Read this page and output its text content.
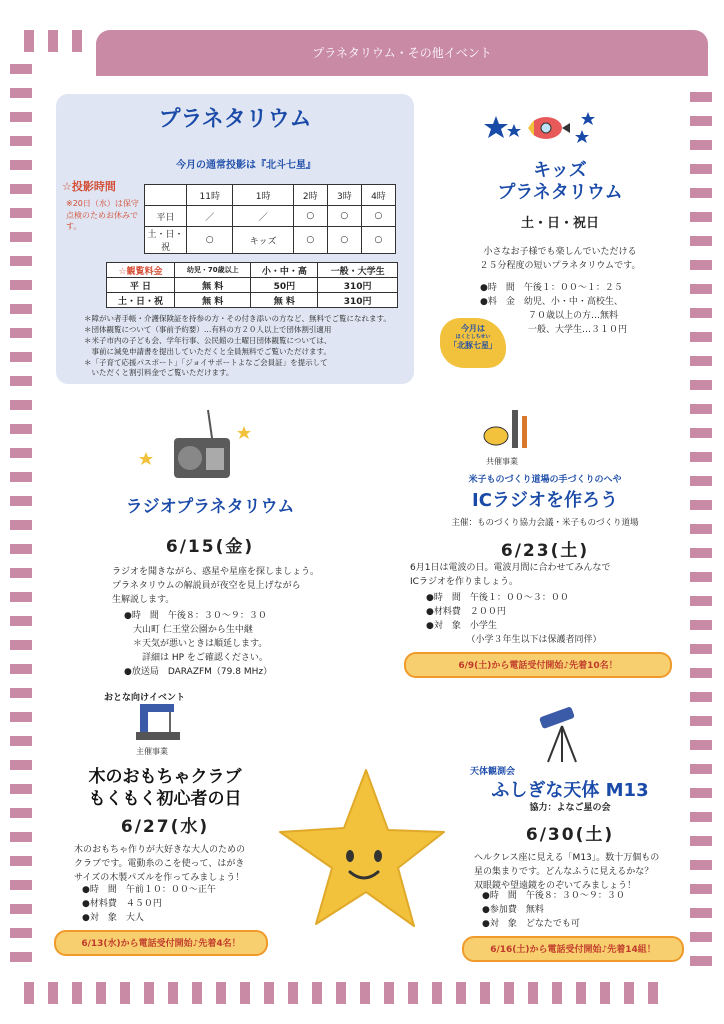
プラネタリウム・その他イベント
プラネタリウム
今月の通常投影は『北斗七星』
☆投影時間
※20日（水）は保守点検のためお休みです。
	11時	1時	2時	3時	4時
平日	／	／	○	○	○
土・日・祝	○	キッズ	○	○	○
☆観覧料金	幼児・70歳以上	小・中・高	一般・大学生
平 日	無 料	50円	310円
土・日・祝	無 料	無 料	310円
＊障がい者手帳・介護保険証を持参の方・その付き添いの方など、無料でご覧になれます。
＊団体観覧について（事前予約要）…有料の方２０人以上で団体割引適用
＊米子市内の子ども会、学年行事、公民館の土曜日団体観覧については、
　事前に減免申請書を提出していただくと全員無料でご覧いただけます。
＊「子育て応援パスポート」「ジョイサポートよなご会員証」を提示して
　いただくと割引料金でご覧いただけます。
キッズ
プラネタリウム
土・日・祝日
小さなお子様でも楽しんでいただける
２５分程度の短いプラネタリウムです。
●時　間　午後１：００〜１：２５
●料　金　幼児、小・中・高校生、
７０歳以上の方…無料
一般、大学生…３１０円
今月は
ほくとしちせい
「北豚七星」
ラジオプラネタリウム
6/15(金)
ラジオを聞きながら、惑星や星座を探しましょう。
プラネタリウムの解説員が夜空を見上げながら
生解説します。
●時　間　午後８：３０〜９：３０
　大山町 仁王堂公園から生中継
　＊天気が悪いときは順延します。
　　詳細は HP をご確認ください。
●放送局　DARAZFM（79.8 MHz）
共催事業
米子ものづくり道場の手づくりのへや
ICラジオを作ろう
主催：ものづくり協力会議・米子ものづくり道場
6/23(土)
6月1日は電波の日。電波月間に合わせてみんなで
ICラジオを作りましょう。
●時　間　午後１：００〜３：００
●材料費　２００円
●対　象　小学生
　　　　　（小学３年生以下は保護者同伴）
6/9(土)から電話受付開始♪先着10名！
おとな向けイベント
主催事業
木のおもちゃクラブ
もくもく初心者の日
6/27(水)
木のおもちゃ作りが大好きな大人のための
クラブです。電動糸のこを使って、はがき
サイズの木製パズルを作ってみましょう！
●時　間　午前１０：００〜正午
●材料費　４５０円
●対　象　大人
6/13(水)から電話受付開始♪先着4名！
天体観測会
ふしぎな天体 M13
協力：よなご星の会
6/30(土)
ヘルクレス座に見える「M13」。数十万個もの
星の集まりです。どんなふうに見えるかな？
双眼鏡や望遠鏡をのぞいてみましょう！
●時　間　午後８：３０〜９：３０
●参加費　無料
●対　象　どなたでも可
6/16(土)から電話受付開始♪先着14組！
